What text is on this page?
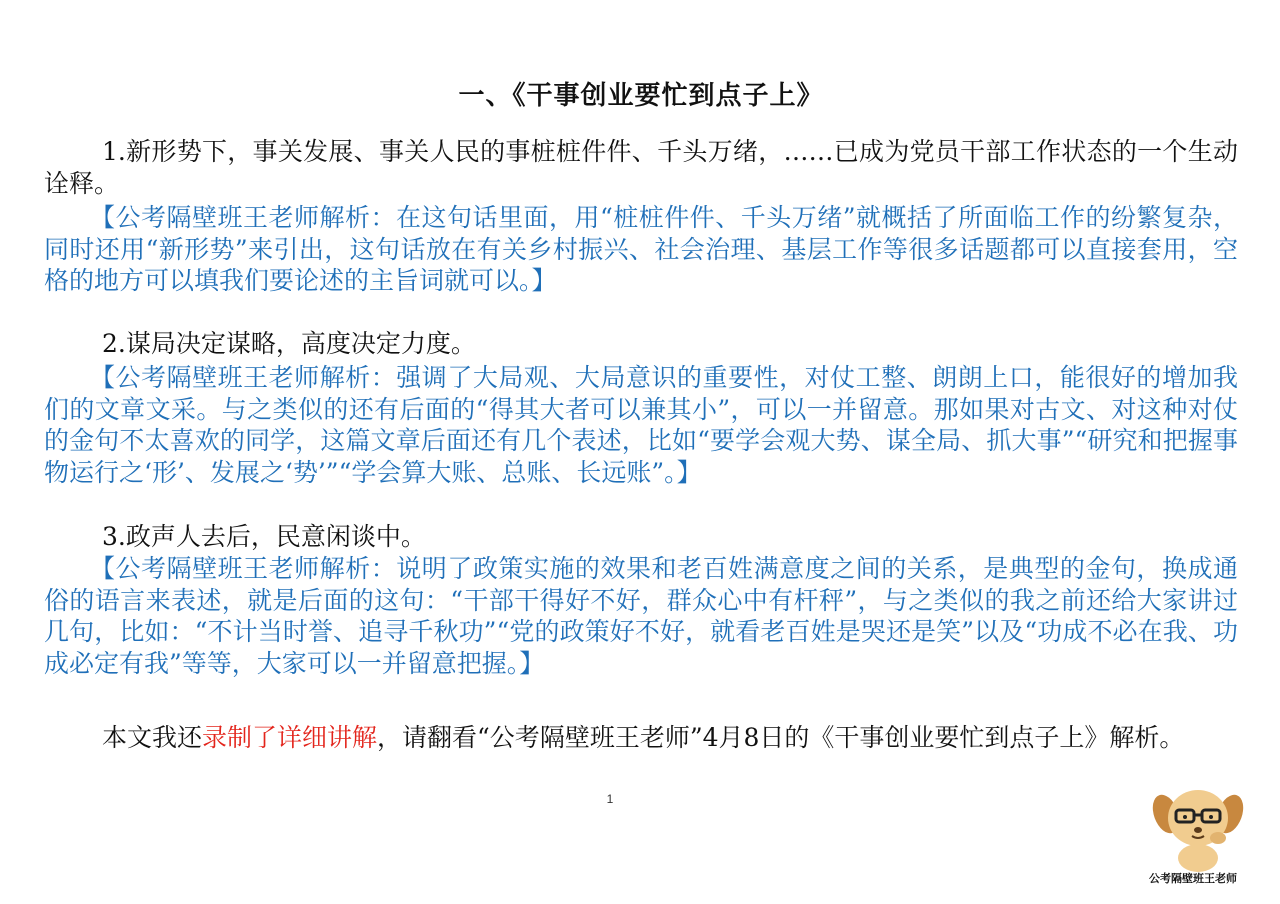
一、《干事创业要忙到点子上》

1.新形势下，事关发展、事关人民的事桩桩件件、千头万绪，……已成为党员干部工作状态的一个生动诠释。

【公考隔壁班王老师解析：在这句话里面，用“桩桩件件、千头万绪”就概括了所面临工作的纷繁复杂，同时还用“新形势”来引出，这句话放在有关乡村振兴、社会治理、基层工作等很多话题都可以直接套用，空格的地方可以填我们要论述的主旨词就可以。】

2.谋局决定谋略，高度决定力度。

【公考隔壁班王老师解析：强调了大局观、大局意识的重要性，对仗工整、朗朗上口，能很好的增加我们的文章文采。与之类似的还有后面的“得其大者可以兼其小”，可以一并留意。那如果对古文、对这种对仗的金句不太喜欢的同学，这篇文章后面还有几个表述，比如“要学会观大势、谋全局、抓大事”“研究和把握事物运行之‘形’、发展之‘势’”“学会算大账、总账、长远账”。】

3.政声人去后，民意闲谈中。

【公考隔壁班王老师解析：说明了政策实施的效果和老百姓满意度之间的关系，是典型的金句，换成通俗的语言来表述，就是后面的这句：“干部干得好不好，群众心中有杆秤”，与之类似的我之前还给大家讲过几句，比如：“不计当时誉、追寻千秋功”“党的政策好不好，就看老百姓是哭还是笑”以及“功成不必在我、功成必定有我”等等，大家可以一并留意把握。】

本文我还录制了详细讲解，请翻看“公考隔壁班王老师”4月8日的《干事创业要忙到点子上》解析。

1
公考隔壁班王老师
